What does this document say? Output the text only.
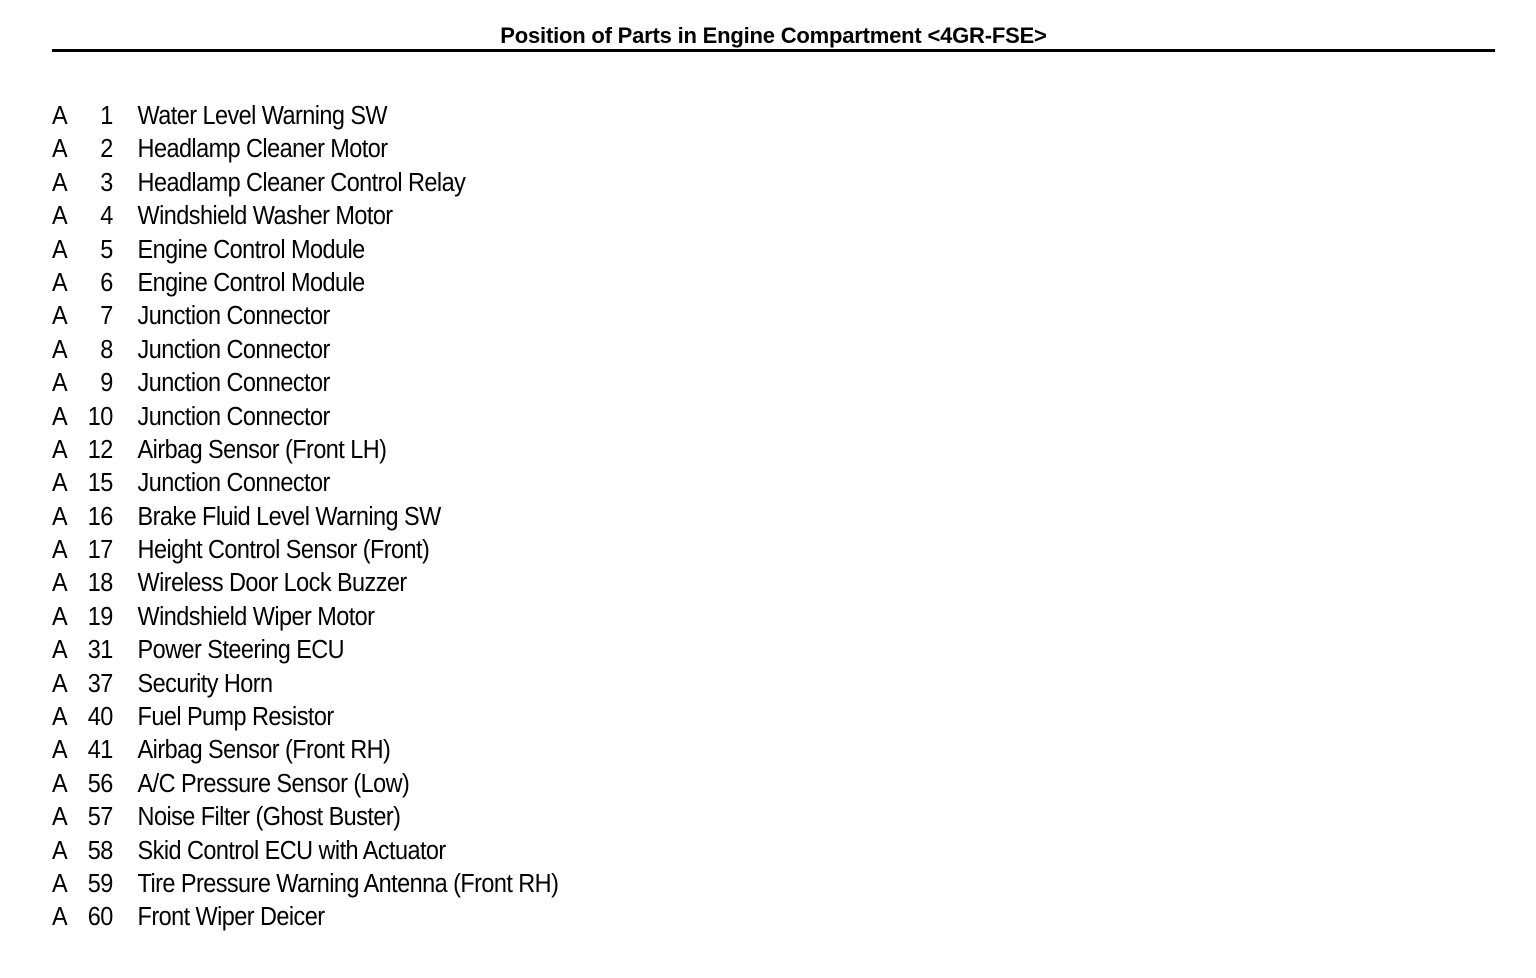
Position of Parts in Engine Compartment <4GR-FSE>
A	1 Water Level Warning SW
A	2 Headlamp Cleaner Motor
A	3 Headlamp Cleaner Control Relay
A	4 Windshield Washer Motor
A	5 Engine Control Module
A	6 Engine Control Module
A	7 Junction Connector
A	8 Junction Connector
A	9 Junction Connector
A 10 Junction Connector
A 12 Airbag Sensor (Front LH)
A 15 Junction Connector
A 16 Brake Fluid Level Warning SW
A 17 Height Control Sensor (Front)
A 18 Wireless Door Lock Buzzer
A 19 Windshield Wiper Motor
A 31 Power Steering ECU
A 37 Security Horn
A 40 Fuel Pump Resistor
A 41 Airbag Sensor (Front RH)
A 56 A/C Pressure Sensor (Low)
A 57 Noise Filter (Ghost Buster)
A 58 Skid Control ECU with Actuator
A 59 Tire Pressure Warning Antenna (Front RH)
A 60 Front Wiper Deicer
